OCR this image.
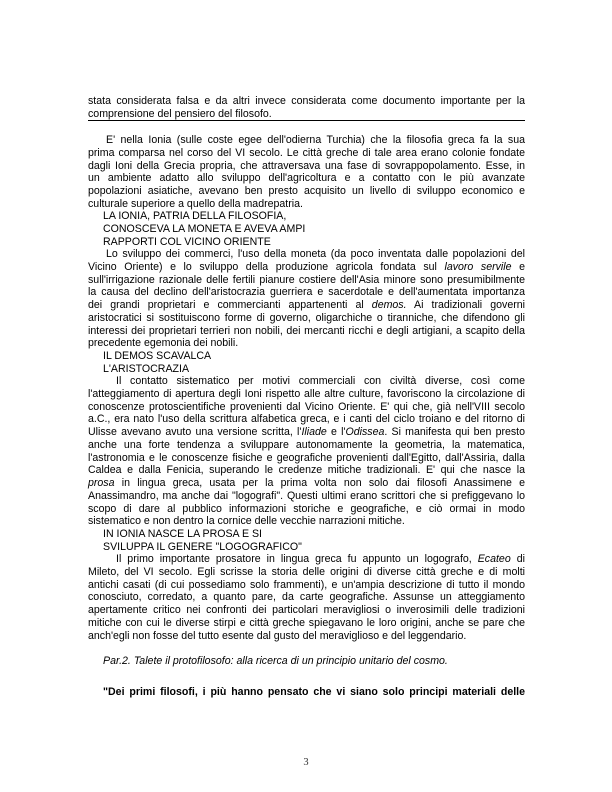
stata considerata falsa e da altri invece considerata come documento importante per la
comprensione del pensiero del filosofo.
E' nella Ionia (sulle coste egee dell'odierna Turchia) che la filosofia greca fa la sua
prima comparsa nel corso del VI secolo. Le città greche di tale area erano colonie fondate
dagli Ioni della Grecia propria, che attraversava una fase di sovrappopolamento. Esse, in
un ambiente adatto allo sviluppo dell'agricoltura e a contatto con le più avanzate
popolazioni asiatiche, avevano ben presto acquisito un livello di sviluppo economico e
culturale superiore a quello della madrepatria.
LA IONIA, PATRIA DELLA FILOSOFIA,
CONOSCEVA LA MONETA E AVEVA AMPI
RAPPORTI COL VICINO ORIENTE
Lo sviluppo dei commerci, l'uso della moneta (da poco inventata dalle popolazioni del
Vicino Oriente) e lo sviluppo della produzione agricola fondata sul lavoro servile e
sull'irrigazione razionale delle fertili pianure costiere dell'Asia minore sono presumibilmente
la causa del declino dell'aristocrazia guerriera e sacerdotale e dell'aumentata importanza
dei grandi proprietari e commercianti appartenenti al demos. Ai tradizionali governi
aristocratici si sostituiscono forme di governo, oligarchiche o tiranniche, che difendono gli
interessi dei proprietari terrieri non nobili, dei mercanti ricchi e degli artigiani, a scapito della
precedente egemonia dei nobili.
IL DEMOS SCAVALCA
L'ARISTOCRAZIA
Il contatto sistematico per motivi commerciali con civiltà diverse, così come
l'atteggiamento di apertura degli Ioni rispetto alle altre culture, favoriscono la circolazione di
conoscenze protoscientifiche provenienti dal Vicino Oriente. E' qui che, già nell'VIII secolo
a.C., era nato l'uso della scrittura alfabetica greca, e i canti del ciclo troiano e del ritorno di
Ulisse avevano avuto una versione scritta, l'Iliade e l'Odissea. Si manifesta qui ben presto
anche una forte tendenza a sviluppare autonomamente la geometria, la matematica,
l'astronomia e le conoscenze fisiche e geografiche provenienti dall'Egitto, dall'Assiria, dalla
Caldea e dalla Fenicia, superando le credenze mitiche tradizionali. E' qui che nasce la
prosa in lingua greca, usata per la prima volta non solo dai filosofi Anassimene e
Anassimandro, ma anche dai "logografi". Questi ultimi erano scrittori che si prefiggevano lo
scopo di dare al pubblico informazioni storiche e geografiche, e ciò ormai in modo
sistematico e non dentro la cornice delle vecchie narrazioni mitiche.
IN IONIA NASCE LA PROSA E SI
SVILUPPA IL GENERE "LOGOGRAFICO"
Il primo importante prosatore in lingua greca fu appunto un logografo, Ecateo di
Mileto, del VI secolo. Egli scrisse la storia delle origini di diverse città greche e di molti
antichi casati (di cui possediamo solo frammenti), e un'ampia descrizione di tutto il mondo
conosciuto, corredato, a quanto pare, da carte geografiche. Assunse un atteggiamento
apertamente critico nei confronti dei particolari meravigliosi o inverosimili delle tradizioni
mitiche con cui le diverse stirpi e città greche spiegavano le loro origini, anche se pare che
anch'egli non fosse del tutto esente dal gusto del meraviglioso e del leggendario.
Par.2. Talete il protofilosofo: alla ricerca di un principio unitario del cosmo.
"Dei primi filosofi, i più hanno pensato che vi siano solo principi materiali delle
3
